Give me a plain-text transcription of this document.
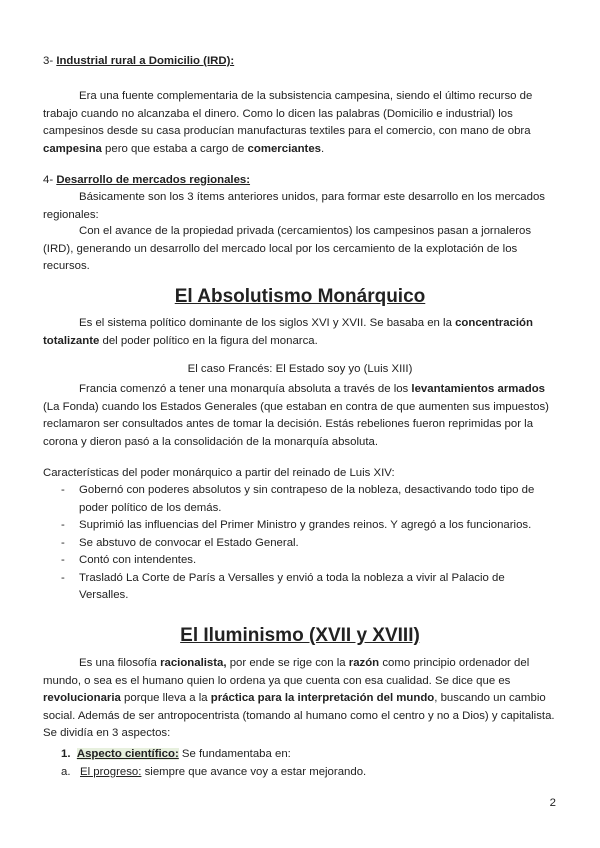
3- Industrial rural a Domicilio (IRD):

Era una fuente complementaria de la subsistencia campesina, siendo el último recurso de trabajo cuando no alcanzaba el dinero. Como lo dicen las palabras (Domicilio e industrial) los campesinos desde su casa producían manufacturas textiles para el comercio, con mano de obra campesina pero que estaba a cargo de comerciantes.

4- Desarrollo de mercados regionales:

Básicamente son los 3 ítems anteriores unidos, para formar este desarrollo en los mercados regionales:

Con el avance de la propiedad privada (cercamientos) los campesinos pasan a jornaleros (IRD), generando un desarrollo del mercado local por los cercamiento de la explotación de los recursos.

El Absolutismo Monárquico

Es el sistema político dominante de los siglos XVI y XVII. Se basaba en la concentración totalizante del poder político en la figura del monarca.

El caso Francés: El Estado soy yo (Luis XIII)

Francia comenzó a tener una monarquía absoluta a través de los levantamientos armados (La Fonda) cuando los Estados Generales (que estaban en contra de que aumenten sus impuestos) reclamaron ser consultados antes de tomar la decisión. Estás rebeliones fueron reprimidas por la corona y dieron pasó a la consolidación de la monarquía absoluta.

Características del poder monárquico a partir del reinado de Luis XIV:

- Gobernó con poderes absolutos y sin contrapeso de la nobleza, desactivando todo tipo de poder político de los demás.
- Suprimió las influencias del Primer Ministro y grandes reinos. Y agregó a los funcionarios.
- Se abstuvo de convocar el Estado General.
- Contó con intendentes.
- Trasladó La Corte de París a Versalles y envió a toda la nobleza a vivir al Palacio de Versalles.
El Iluminismo (XVII y XVIII)

Es una filosofía racionalista, por ende se rige con la razón como principio ordenador del mundo, o sea es el humano quien lo ordena ya que cuenta con esa cualidad. Se dice que es revolucionaria porque lleva a la práctica para la interpretación del mundo, buscando un cambio social. Además de ser antropocentrista (tomando al humano como el centro y no a Dios) y capitalista. Se dividía en 3 aspectos:

1. Aspecto científico: Se fundamentaba en:

a. El progreso: siempre que avance voy a estar mejorando.

2
